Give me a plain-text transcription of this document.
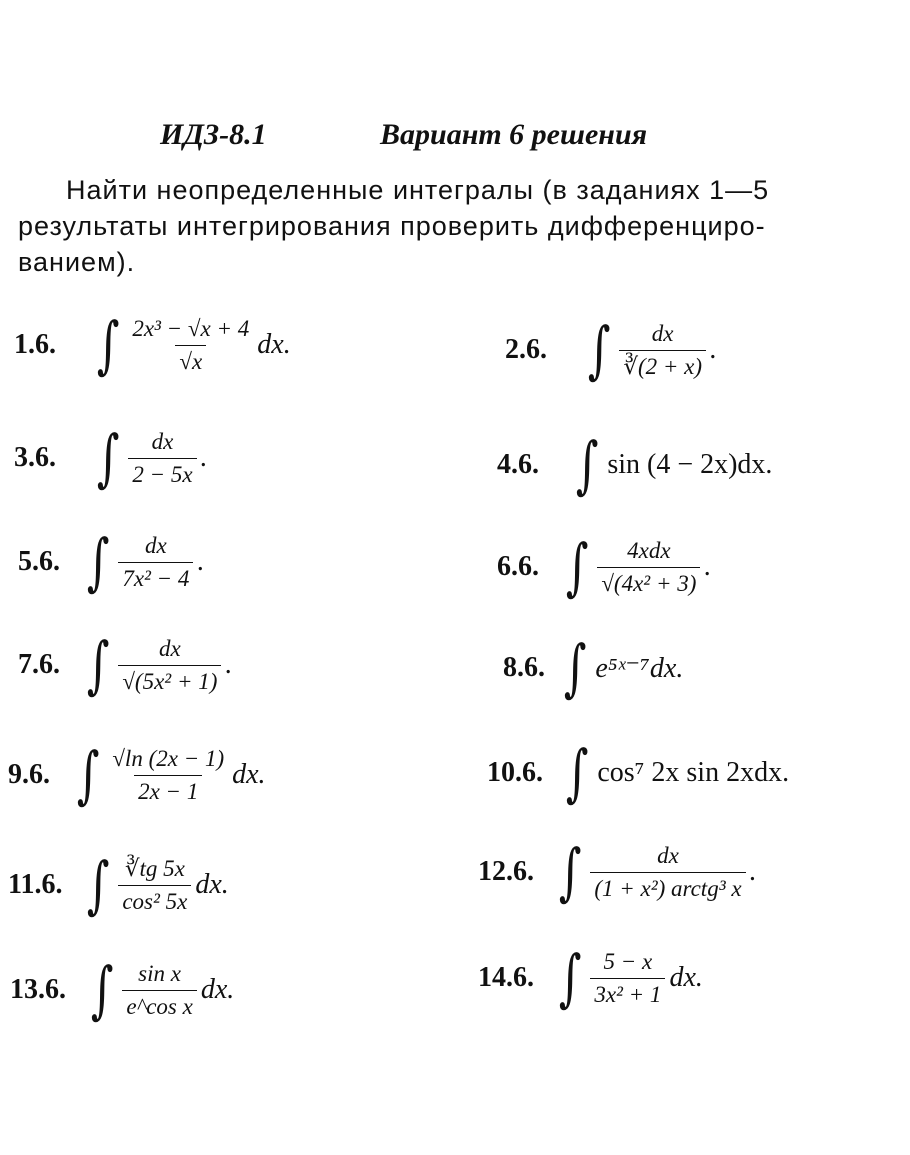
ИДЗ-8.1	Вариант 6 решения

Найти неопределенные интегралы (в заданиях 1—5
результаты интегрирования проверить дифференциро-
ванием).

1.6. ∫ $\frac{\text{2x³ − √x + 4}}{√x}$ dx.	2.6. ∫ $\frac{dx}{∛(2 + x)}$ .
3.6. ∫ $\frac{dx}{2 - 5x}$ .	4.6. ∫ sin (4 − 2x)dx.
5.6. ∫ $\frac{dx}{\text{7x² − 4}}$ .	6.6. ∫ $\frac{\text{4xdx}}{\text{√(4x² + 3)}}$ .
7.6. ∫ $\frac{dx}{\text{√(5x² + 1)}}$ .	8.6. ∫ e⁵ˣ⁻⁷dx.
9.6. ∫ $\frac{√\ln (2x - 1)}{2x - 1}$ dx.	10.6. ∫ cos⁷ 2x sin 2xdx.
11.6. ∫ $\frac{∛tg 5x}{\text{cos² 5x}}$ dx.	12.6. ∫ $\frac{dx}{\text{(1 + x²) arctg³ x}}$ .
13.6. ∫ $\frac{\text{sin x}}{\text{e\textasciicircum{}cos x}}$ dx.	14.6. ∫ $\frac{5 - x}{\text{3x² + 1}}$ dx.
